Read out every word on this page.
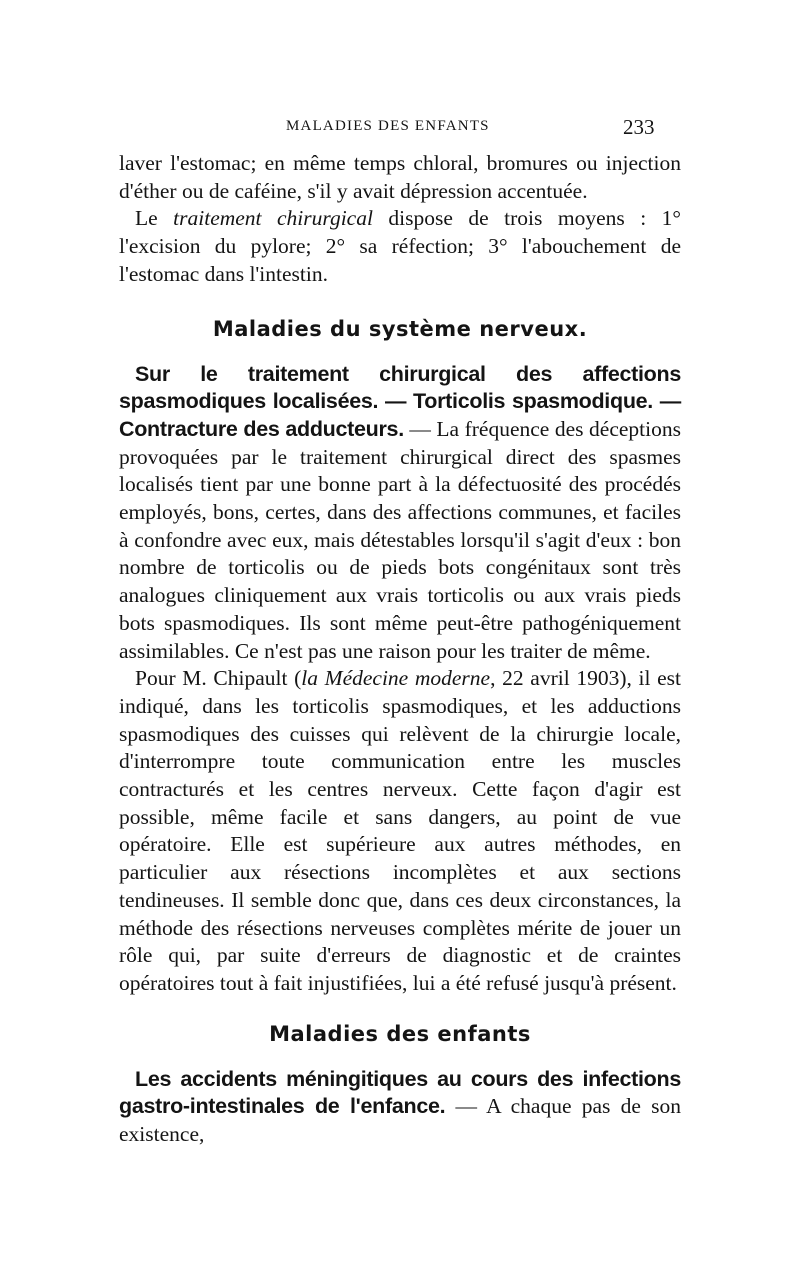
MALADIES DES ENFANTS	233

laver l'estomac; en même temps chloral, bromures ou injection d'éther ou de caféine, s'il y avait dépression accentuée.

Le traitement chirurgical dispose de trois moyens : 1° l'excision du pylore; 2° sa réfection; 3° l'abouchement de l'estomac dans l'intestin.

Maladies du système nerveux.

Sur le traitement chirurgical des affections spasmodiques localisées. — Torticolis spasmodique. — Contracture des adducteurs. — La fréquence des déceptions provoquées par le traitement chirurgical direct des spasmes localisés tient par une bonne part à la défectuosité des procédés employés, bons, certes, dans des affections communes, et faciles à confondre avec eux, mais détestables lorsqu'il s'agit d'eux : bon nombre de torticolis ou de pieds bots congénitaux sont très analogues cliniquement aux vrais torticolis ou aux vrais pieds bots spasmodiques. Ils sont même peut-être pathogéniquement assimilables. Ce n'est pas une raison pour les traiter de même.

Pour M. Chipault (la Médecine moderne, 22 avril 1903), il est indiqué, dans les torticolis spasmodiques, et les adductions spasmodiques des cuisses qui relèvent de la chirurgie locale, d'interrompre toute communication entre les muscles contracturés et les centres nerveux. Cette façon d'agir est possible, même facile et sans dangers, au point de vue opératoire. Elle est supérieure aux autres méthodes, en particulier aux résections incomplètes et aux sections tendineuses. Il semble donc que, dans ces deux circonstances, la méthode des résections nerveuses complètes mérite de jouer un rôle qui, par suite d'erreurs de diagnostic et de craintes opératoires tout à fait injustifiées, lui a été refusé jusqu'à présent.

Maladies des enfants

Les accidents méningitiques au cours des infections gastro-intestinales de l'enfance. — A chaque pas de son existence,
